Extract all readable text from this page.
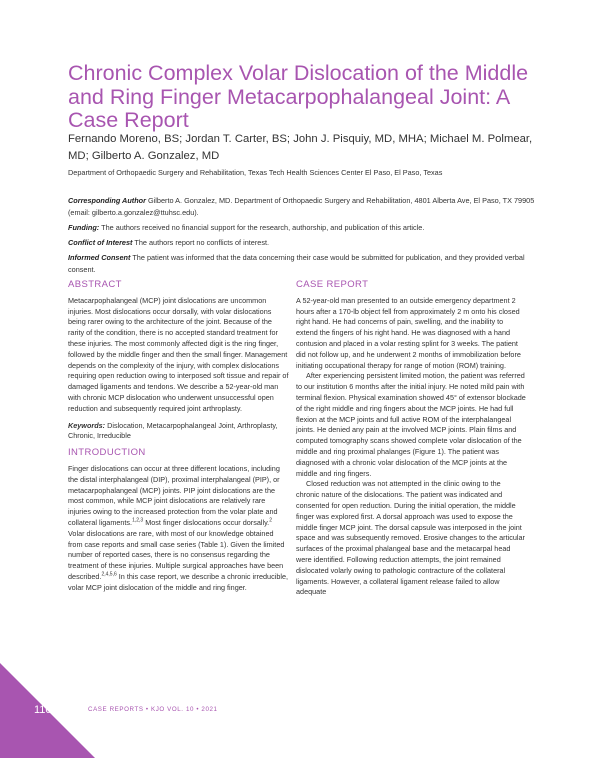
Chronic Complex Volar Dislocation of the Middle and Ring Finger Metacarpophalangeal Joint: A Case Report
Fernando Moreno, BS; Jordan T. Carter, BS; John J. Pisquiy, MD, MHA; Michael M. Polmear, MD; Gilberto A. Gonzalez, MD
Department of Orthopaedic Surgery and Rehabilitation, Texas Tech Health Sciences Center El Paso, El Paso, Texas
Corresponding Author Gilberto A. Gonzalez, MD. Department of Orthopaedic Surgery and Rehabilitation, 4801 Alberta Ave, El Paso, TX 79905 (email: gilberto.a.gonzalez@ttuhsc.edu).
Funding: The authors received no financial support for the research, authorship, and publication of this article.
Conflict of Interest The authors report no conflicts of interest.
Informed Consent The patient was informed that the data concerning their case would be submitted for publication, and they provided verbal consent.
ABSTRACT

Metacarpophalangeal (MCP) joint dislocations are uncommon injuries. Most dislocations occur dorsally, with volar dislocations being rarer owing to the architecture of the joint. Because of the rarity of the condition, there is no accepted standard treatment for these injuries. The most commonly affected digit is the ring finger, followed by the middle finger and then the small finger. Management depends on the complexity of the injury, with complex dislocations requiring open reduction owing to interposed soft tissue and repair of damaged ligaments and tendons. We describe a 52-year-old man with chronic MCP dislocation who underwent unsuccessful open reduction and subsequently required joint arthroplasty.

Keywords: Dislocation, Metacarpophalangeal Joint, Arthroplasty, Chronic, Irreducible

INTRODUCTION

Finger dislocations can occur at three different locations, including the distal interphalangeal (DIP), proximal interphalangeal (PIP), or metacarpophalangeal (MCP) joints. PIP joint dislocations are the most common, while MCP joint dislocations are relatively rare injuries owing to the increased protection from the volar plate and collateral ligaments.$^{1,2,3}$ Most finger dislocations occur dorsally.$^2$ Volar dislocations are rare, with most of our knowledge obtained from case reports and small case series (Table 1). Given the limited number of reported cases, there is no consensus regarding the treatment of these injuries. Multiple surgical approaches have been described.$^{2,4,5,6}$ In this case report, we describe a chronic irreducible, volar MCP joint dislocation of the middle and ring finger.

CASE REPORT

A 52-year-old man presented to an outside emergency department 2 hours after a 170-lb object fell from approximately 2 m onto his closed right hand. He had concerns of pain, swelling, and the inability to extend the fingers of his right hand. He was diagnosed with a hand contusion and placed in a volar resting splint for 3 weeks. The patient did not follow up, and he underwent 2 months of immobilization before initiating occupational therapy for range of motion (ROM) training.

After experiencing persistent limited motion, the patient was referred to our institution 6 months after the initial injury. He noted mild pain with terminal flexion. Physical examination showed 45° of extensor blockade of the right middle and ring fingers about the MCP joints. He had full flexion at the MCP joints and full active ROM of the interphalangeal joints. He denied any pain at the involved MCP joints. Plain films and computed tomography scans showed complete volar dislocation of the middle and ring proximal phalanges (Figure 1). The patient was diagnosed with a chronic volar dislocation of the MCP joints at the middle and ring fingers.

Closed reduction was not attempted in the clinic owing to the chronic nature of the dislocations. The patient was indicated and consented for open reduction. During the initial operation, the middle finger was explored first. A dorsal approach was used to expose the middle finger MCP joint. The dorsal capsule was interposed in the joint space and was subsequently removed. Erosive changes to the articular surfaces of the proximal phalangeal base and the metacarpal head were identified. Following reduction attempts, the joint remained dislocated volarly owing to pathologic contracture of the collateral ligaments. However, a collateral ligament release failed to allow adequate

110	CASE REPORTS • KJO VOL. 10 • 2021
